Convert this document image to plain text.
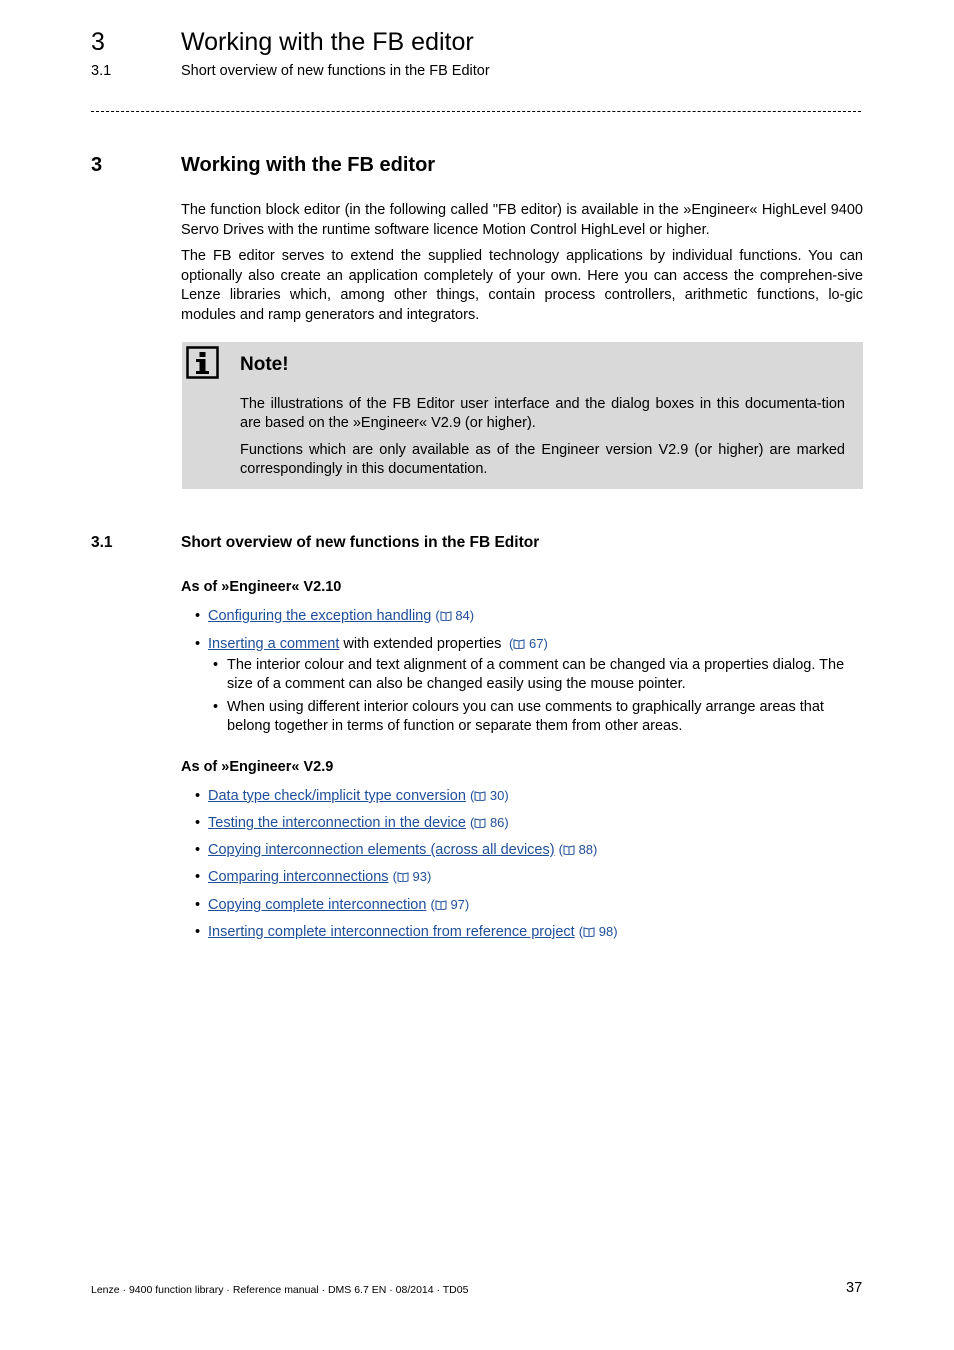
3	Working with the FB editor
3.1	Short overview of new functions in the FB Editor
3	Working with the FB editor

The function block editor (in the following called "FB editor) is available in the »Engineer« HighLevel 9400 Servo Drives with the runtime software licence Motion Control HighLevel or higher.

The FB editor serves to extend the supplied technology applications by individual functions. You can optionally also create an application completely of your own. Here you can access the comprehen-sive Lenze libraries which, among other things, contain process controllers, arithmetic functions, lo-gic modules and ramp generators and integrators.

Note!

The illustrations of the FB Editor user interface and the dialog boxes in this documenta-tion are based on the »Engineer« V2.9 (or higher).

Functions which are only available as of the Engineer version V2.9 (or higher) are marked correspondingly in this documentation.

3.1	Short overview of new functions in the FB Editor
As of »Engineer« V2.10
• Configuring the exception handling ( 84)
• Inserting a comment with extended properties  ( 67)
• The interior colour and text alignment of a comment can be changed via a properties dialog. The size of a comment can also be changed easily using the mouse pointer.
• When using different interior colours you can use comments to graphically arrange areas that belong together in terms of function or separate them from other areas.
As of »Engineer« V2.9
• Data type check/implicit type conversion ( 30)
• Testing the interconnection in the device ( 86)
• Copying interconnection elements (across all devices) ( 88)
• Comparing interconnections ( 93)
• Copying complete interconnection ( 97)
• Inserting complete interconnection from reference project ( 98)
Lenze · 9400 function library · Reference manual · DMS 6.7 EN · 08/2014 · TD05	37
